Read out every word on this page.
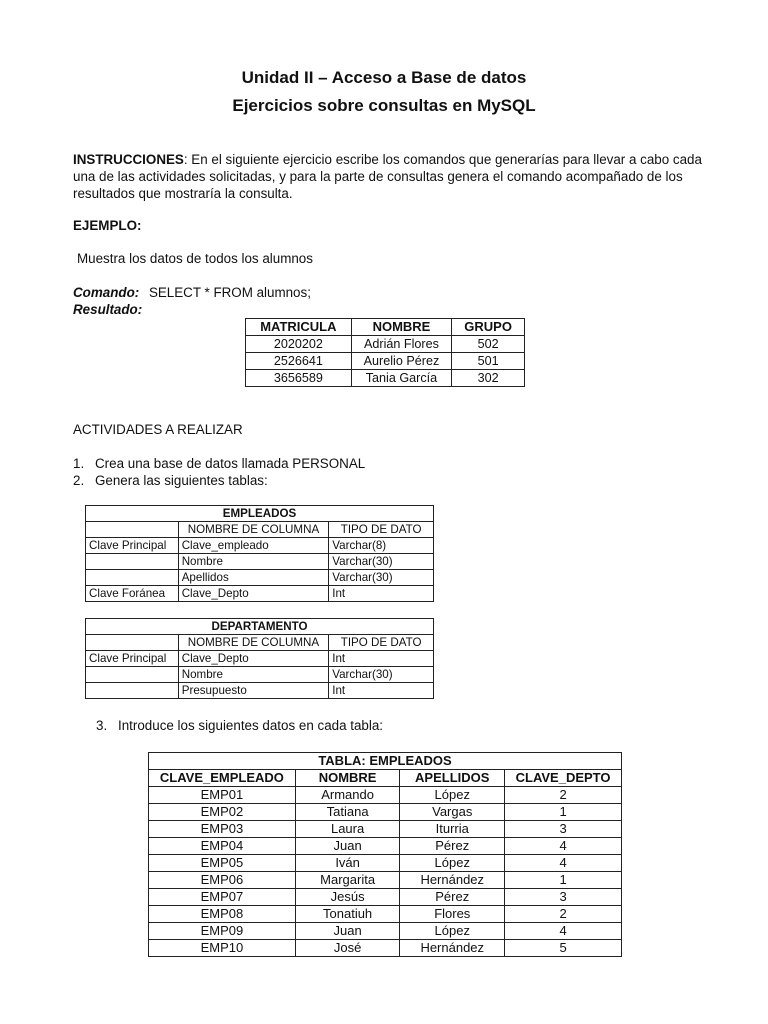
Unidad II – Acceso a Base de datos
Ejercicios sobre consultas en MySQL

INSTRUCCIONES: En el siguiente ejercicio escribe los comandos que generarías para llevar a cabo cada una de las actividades solicitadas, y para la parte de consultas genera el comando acompañado de los resultados que mostraría la consulta.

EJEMPLO:
Muestra los datos de todos los alumnos
Comando: SELECT * FROM alumnos;
Resultado:
MATRICULA	NOMBRE	GRUPO
2020202	Adrián Flores	502
2526641	Aurelio Pérez	501
3656589	Tania García	302
ACTIVIDADES A REALIZAR
1. Crea una base de datos llamada PERSONAL
2. Genera las siguientes tablas:
EMPLEADOS		
	NOMBRE DE COLUMNA	TIPO DE DATO
Clave Principal	Clave_empleado	Varchar(8)
	Nombre	Varchar(30)
	Apellidos	Varchar(30)
Clave Foránea	Clave_Depto	Int
DEPARTAMENTO		
	NOMBRE DE COLUMNA	TIPO DE DATO
Clave Principal	Clave_Depto	Int
	Nombre	Varchar(30)
	Presupuesto	Int
3. Introduce los siguientes datos en cada tabla:
TABLA: EMPLEADOS			
CLAVE_EMPLEADO	NOMBRE	APELLIDOS	CLAVE_DEPTO
EMP01	Armando	López	2
EMP02	Tatiana	Vargas	1
EMP03	Laura	Iturria	3
EMP04	Juan	Pérez	4
EMP05	Iván	López	4
EMP06	Margarita	Hernández	1
EMP07	Jesús	Pérez	3
EMP08	Tonatiuh	Flores	2
EMP09	Juan	López	4
EMP10	José	Hernández	5
